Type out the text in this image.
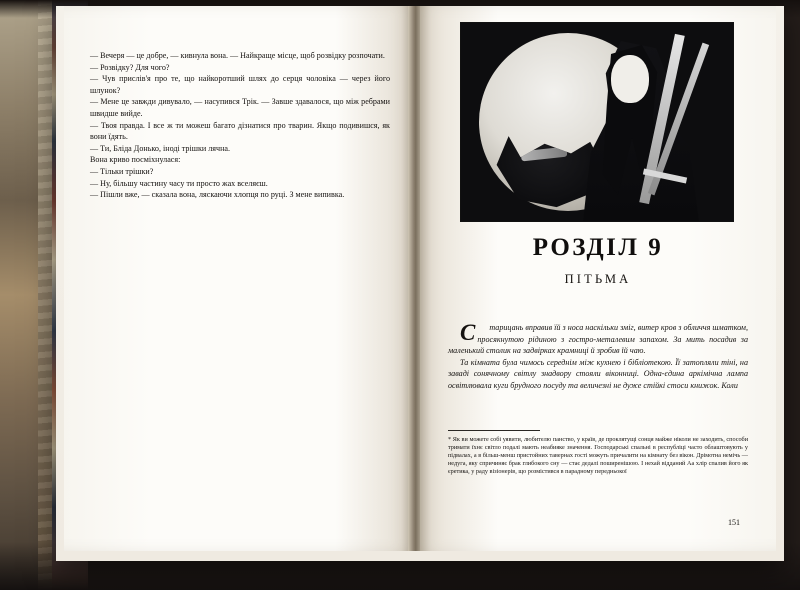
— Вечеря — це добре, — кивнула вона. — Найкраще місце, щоб розвідку розпочати.

— Розвідку? Для чого?

— Чув прислів'я про те, що найкоротший шлях до серця чоловіка — через його шлунок?

— Мене це завжди дивувало, — насупився Трік. — Завше здавалося, що між ребрами швидше вийде.

— Твоя правда. І все ж ти можеш багато дізнатися про тварин. Якщо подивишся, як вони їдять.

— Ти, Бліда Донько, іноді трішки лячна.

Вона криво посміхнулася:

— Тільки трішки?

— Ну, більшу частину часу ти просто жах вселяєш.

— Пішли вже, — сказала вона, ляскаючи хлопця по руці. З мене випивка.

РОЗДІЛ 9
ПІТЬМА

С тарицань вправив їй з носа наскільки зміг, витер кров з обличчя шматком, просякнутою рідиною з гостро-металевим запахом. За мить посадив за маленький столик на задвірках крамниці й зробив їй чаю.

Та кімната була чимось середнім між кухнею і бібліотекою. Її затопляли тіні, на заваді сонячному світлу знадвору стояли віконниці. Одна-єдина аркімічна лампа освітлювала куги брудного посуду та величезні не дуже стійкі стоси книжок. Коли

* Як ви можете собі уявити, любителю панство, у країв, де проклятущі сонця майже ніколи не заходить, способи тримати їхнє світло подалі мають неабияке значення. Господарські спальні в республіці часто облаштовують у підвалах, а в більш-менш пристойних тавернах гості можуть причалити на кімнату без вікон. Дрімотна немічь — недуга, яку спричиняє брак глибокого сну — стає дедалі поширенішою. І нехай відданий Аа хлір спалив його як єретика, у раду візіонерів, що розмістився в парадному передньокої
151
